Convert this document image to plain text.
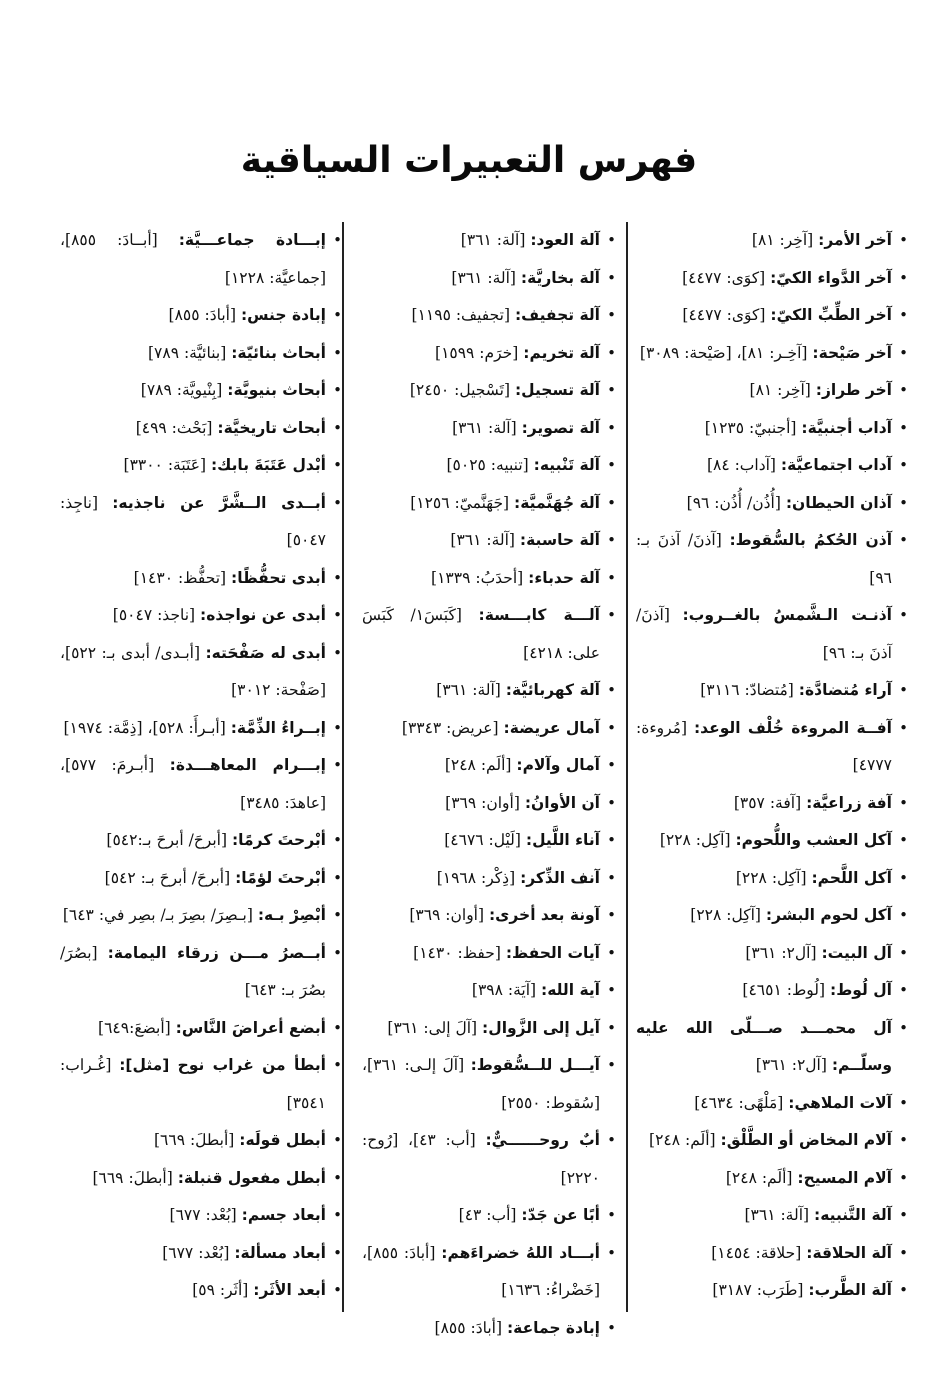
فهرس التعبيرات السياقية
• آخر الأمر: [آخِر: ٨١]
• آخر الدَّواء الكيّ: [كوَى: ٤٤٧٧]
• آخر الطِّبِّ الكيّ: [كوَى: ٤٤٧٧]
• آخر صَيْحة: [آخِـر: ٨١]، [صَيْحة: ٣٠٨٩]
• آخر طراز: [آخِر: ٨١]
• آداب أجنبيَّة: [أجنبيّ: ١٢٣٥]
• آداب اجتماعيَّة: [آداب: ٨٤]
• آذان الحيطان: [أُذُن/ أُذُن: ٩٦]
• آذن الحُكمُ بالسُّقوط: [آذنَ/ آذنَ بـ: ٩٦]
• آذنـت الـشَّمسُ بالغــروب: [آذنَ/ آذنَ بـ: ٩٦]
• آراء مُتضادَّة: [مُتضادّ: ٣١١٦]
• آفــة المروءة خُلْف الوعد: [مُروءة: ٤٧٧٧]
• آفة زراعيَّة: [آفة: ٣٥٧]
• آكل العشب واللُّحوم: [آكِل: ٢٢٨]
• آكل اللَّحم: [آكِل: ٢٢٨]
• آكل لحوم البشر: [آكِل: ٢٢٨]
• آل البيت: [آل٢: ٣٦١]
• آل لُوط: [لُوط: ٤٦٥١]
• آل محمـــد صـــلّى الله عليه وسلّــم: [آل٢: ٣٦١]
• آلات الملاهي: [مَلْهًى: ٤٦٣٤]
• آلام المخاض أو الطَّلْق: [ألَم: ٢٤٨]
• آلام المسيح: [ألَم: ٢٤٨]
• آلة التَّنبيه: [آلة: ٣٦١]
• آلة الحلاقة: [حلاقة: ١٤٥٤]
• آلة الطَّرب: [طَرَب: ٣١٨٧]
• آلة العود: [آلة: ٣٦١]
• آلة بخاريَّة: [آلة: ٣٦١]
• آلة تجفيف: [تجفيف: ١١٩٥]
• آلة تخريم: [خرَم: ١٥٩٩]
• آلة تسجيل: [تَسْجيل: ٢٤٥٠]
• آلة تصوير: [آلة: ٣٦١]
• آلة تَنْبيه: [تنبيه: ٥٠٢٥]
• آلة جُهَنَّميَّة: [جَهَنَّميّ: ١٢٥٦]
• آلة حاسبة: [آلة: ٣٦١]
• آلة حدباء: [أحدَبُ: ١٣٣٩]
• آلـــة كابـــسة: [كَبَسَ١/ كَبَسَ على: ٤٢١٨]
• آلة كهربائيَّة: [آلة: ٣٦١]
• آمال عريضة: [عريض: ٣٣٤٣]
• آمال وآلام: [ألَم: ٢٤٨]
• آن الأوانُ: [أوان: ٣٦٩]
• آناء اللَّيل: [لَيْل: ٤٦٧٦]
• آنف الذِّكر: [ذِكْر: ١٩٦٨]
• آونة بعد أخرى: [أوان: ٣٦٩]
• آيات الحفظ: [حفظ: ١٤٣٠]
• آية الله: [آيَة: ٣٩٨]
• آيل إلى الزَّوال: [آلَ إلى: ٣٦١]
• آيـــل للــسُّقوط: [آلَ إلـى: ٣٦١]، [سُقوط: ٢٥٥٠]
• أبٌ روحــــــيٌّ: [أب: ٤٣]، [رُوح: ٢٢٢٠]
• أبًا عن جَدّ: [أب: ٤٣]
• أبـــاد اللهُ خضراءَهم: [أبادَ: ٨٥٥]، [خَضْراءُ: ١٦٣٦]
• إبادة جماعة: [أبادَ: ٨٥٥]
• إبـــادة جماعـــيَّة: [أبــادَ: ٨٥٥]، [جماعيَّة: ١٢٢٨]
• إبادة جنس: [أبادَ: ٨٥٥]
• أبحاث بنائيّة: [بنائيَّة: ٧٨٩]
• أبحاث بنيويَّة: [بِنْيويَّة: ٧٨٩]
• أبحاث تاريخيَّة: [بَحْث: ٤٩٩]
• أبْدل عَتَبَةَ بابك: [عَتَبَة: ٣٣٠٠]
• أبــدى الــشَّرَّ عن ناجذيه: [ناجِذ: ٥٠٤٧]
• أبدى تحفُّظًا: [تحفُّظ: ١٤٣٠]
• أبدى عن نواجذه: [ناجذ: ٥٠٤٧]
• أبدى له صَفْحَته: [أبـدى/ أبدى بـ: ٥٢٢]، [صَفْحة: ٣٠١٢]
• إبــراءُ الذِّمَّة: [أبـرأَ: ٥٢٨]، [ذِمَّة: ١٩٧٤]
• إبـــرام المعاهـــدة: [أبـرمَ: ٥٧٧]، [عاهدَ: ٣٤٨٥]
• أبْرحتَ كرمًا: [أبرحَ/ أبرحَ بـ:٥٤٢]
• أبْرحتَ لؤمًا: [أبرحَ/ أبرحَ بـ: ٥٤٢]
• أبْصِرْ بـه: [بـصِرَ/ بصِرَ بـ/ بصِر في: ٦٤٣]
• أبــصرُ مـــن زرقاء اليمامة: [بصُرَ/ بصُرَ بـ: ٦٤٣]
• أبضع أعراضَ النَّاس: [أبضعَ:٦٤٩]
• أبطأ من غراب نوح [مثل]: [غُـراب: ٣٥٤١]
• أبطل قولَه: [أبطلَ: ٦٦٩]
• أبطل مفعول قنبلة: [أبطلَ: ٦٦٩]
• أبعاد جسم: [بُعْد: ٦٧٧]
• أبعاد مسألة: [بُعْد: ٦٧٧]
• أبعد الأثَر: [أثَر: ٥٩]
